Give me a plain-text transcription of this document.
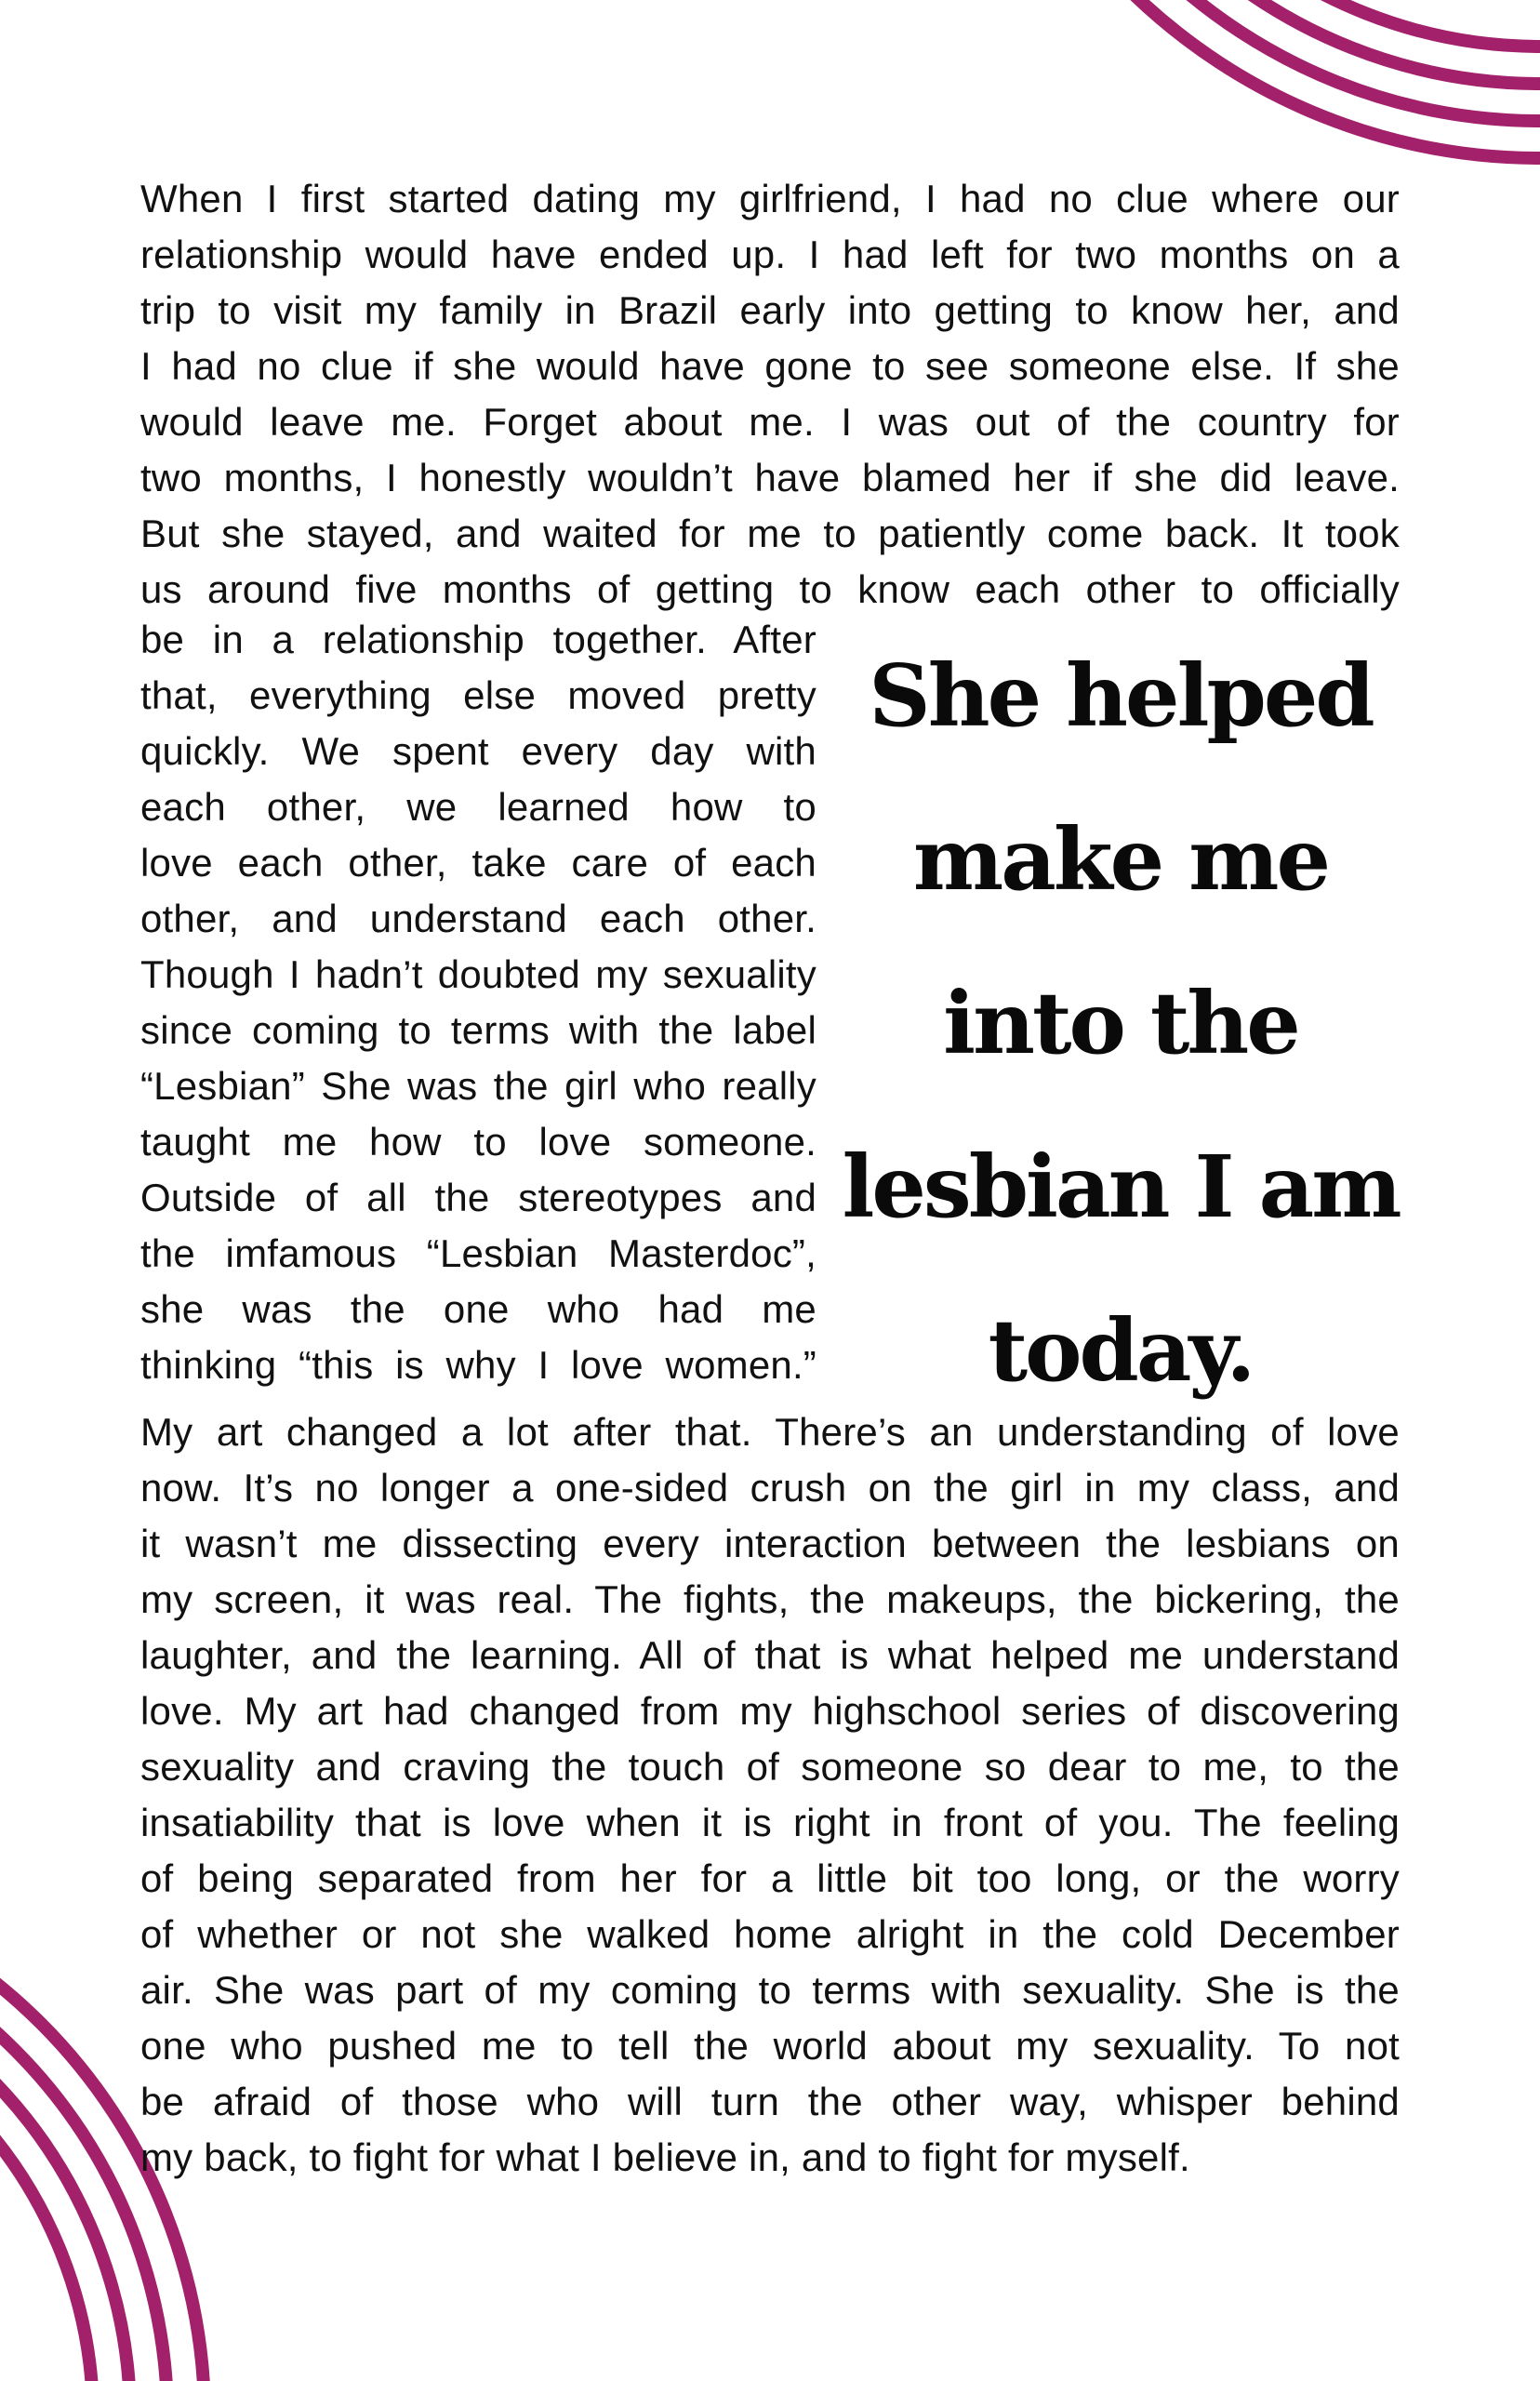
When I first started dating my girlfriend, I had no clue where our
relationship would have ended up. I had left for two months on a
trip to visit my family in Brazil early into getting to know her, and
I had no clue if she would have gone to see someone else. If she
would leave me. Forget about me. I was out of the country for
two months, I honestly wouldn’t have blamed her if she did leave.
But she stayed, and waited for me to patiently come back. It took
us around five months of getting to know each other to officially
be in a relationship together. After
that, everything else moved pretty
quickly. We spent every day with
each other, we learned how to
love each other, take care of each
other, and understand each other.
Though I hadn’t doubted my sexuality
since coming to terms with the label
“Lesbian” She was the girl who really
taught me how to love someone.
Outside of all the stereotypes and
the imfamous “Lesbian Masterdoc”,
she was the one who had me
thinking “this is why I love women.”
My art changed a lot after that. There’s an understanding of love
now. It’s no longer a one-sided crush on the girl in my class, and
it wasn’t me dissecting every interaction between the lesbians on
my screen, it was real. The fights, the makeups, the bickering, the
laughter, and the learning. All of that is what helped me understand
love. My art had changed from my highschool series of discovering
sexuality and craving the touch of someone so dear to me, to the
insatiability that is love when it is right in front of you. The feeling
of being separated from her for a little bit too long, or the worry
of whether or not she walked home alright in the cold December
air. She was part of my coming to terms with sexuality. She is the
one who pushed me to tell the world about my sexuality. To not
be afraid of those who will turn the other way, whisper behind
my back, to fight for what I believe in, and to fight for myself.
She helped
make me
into the
lesbian I am
today.
